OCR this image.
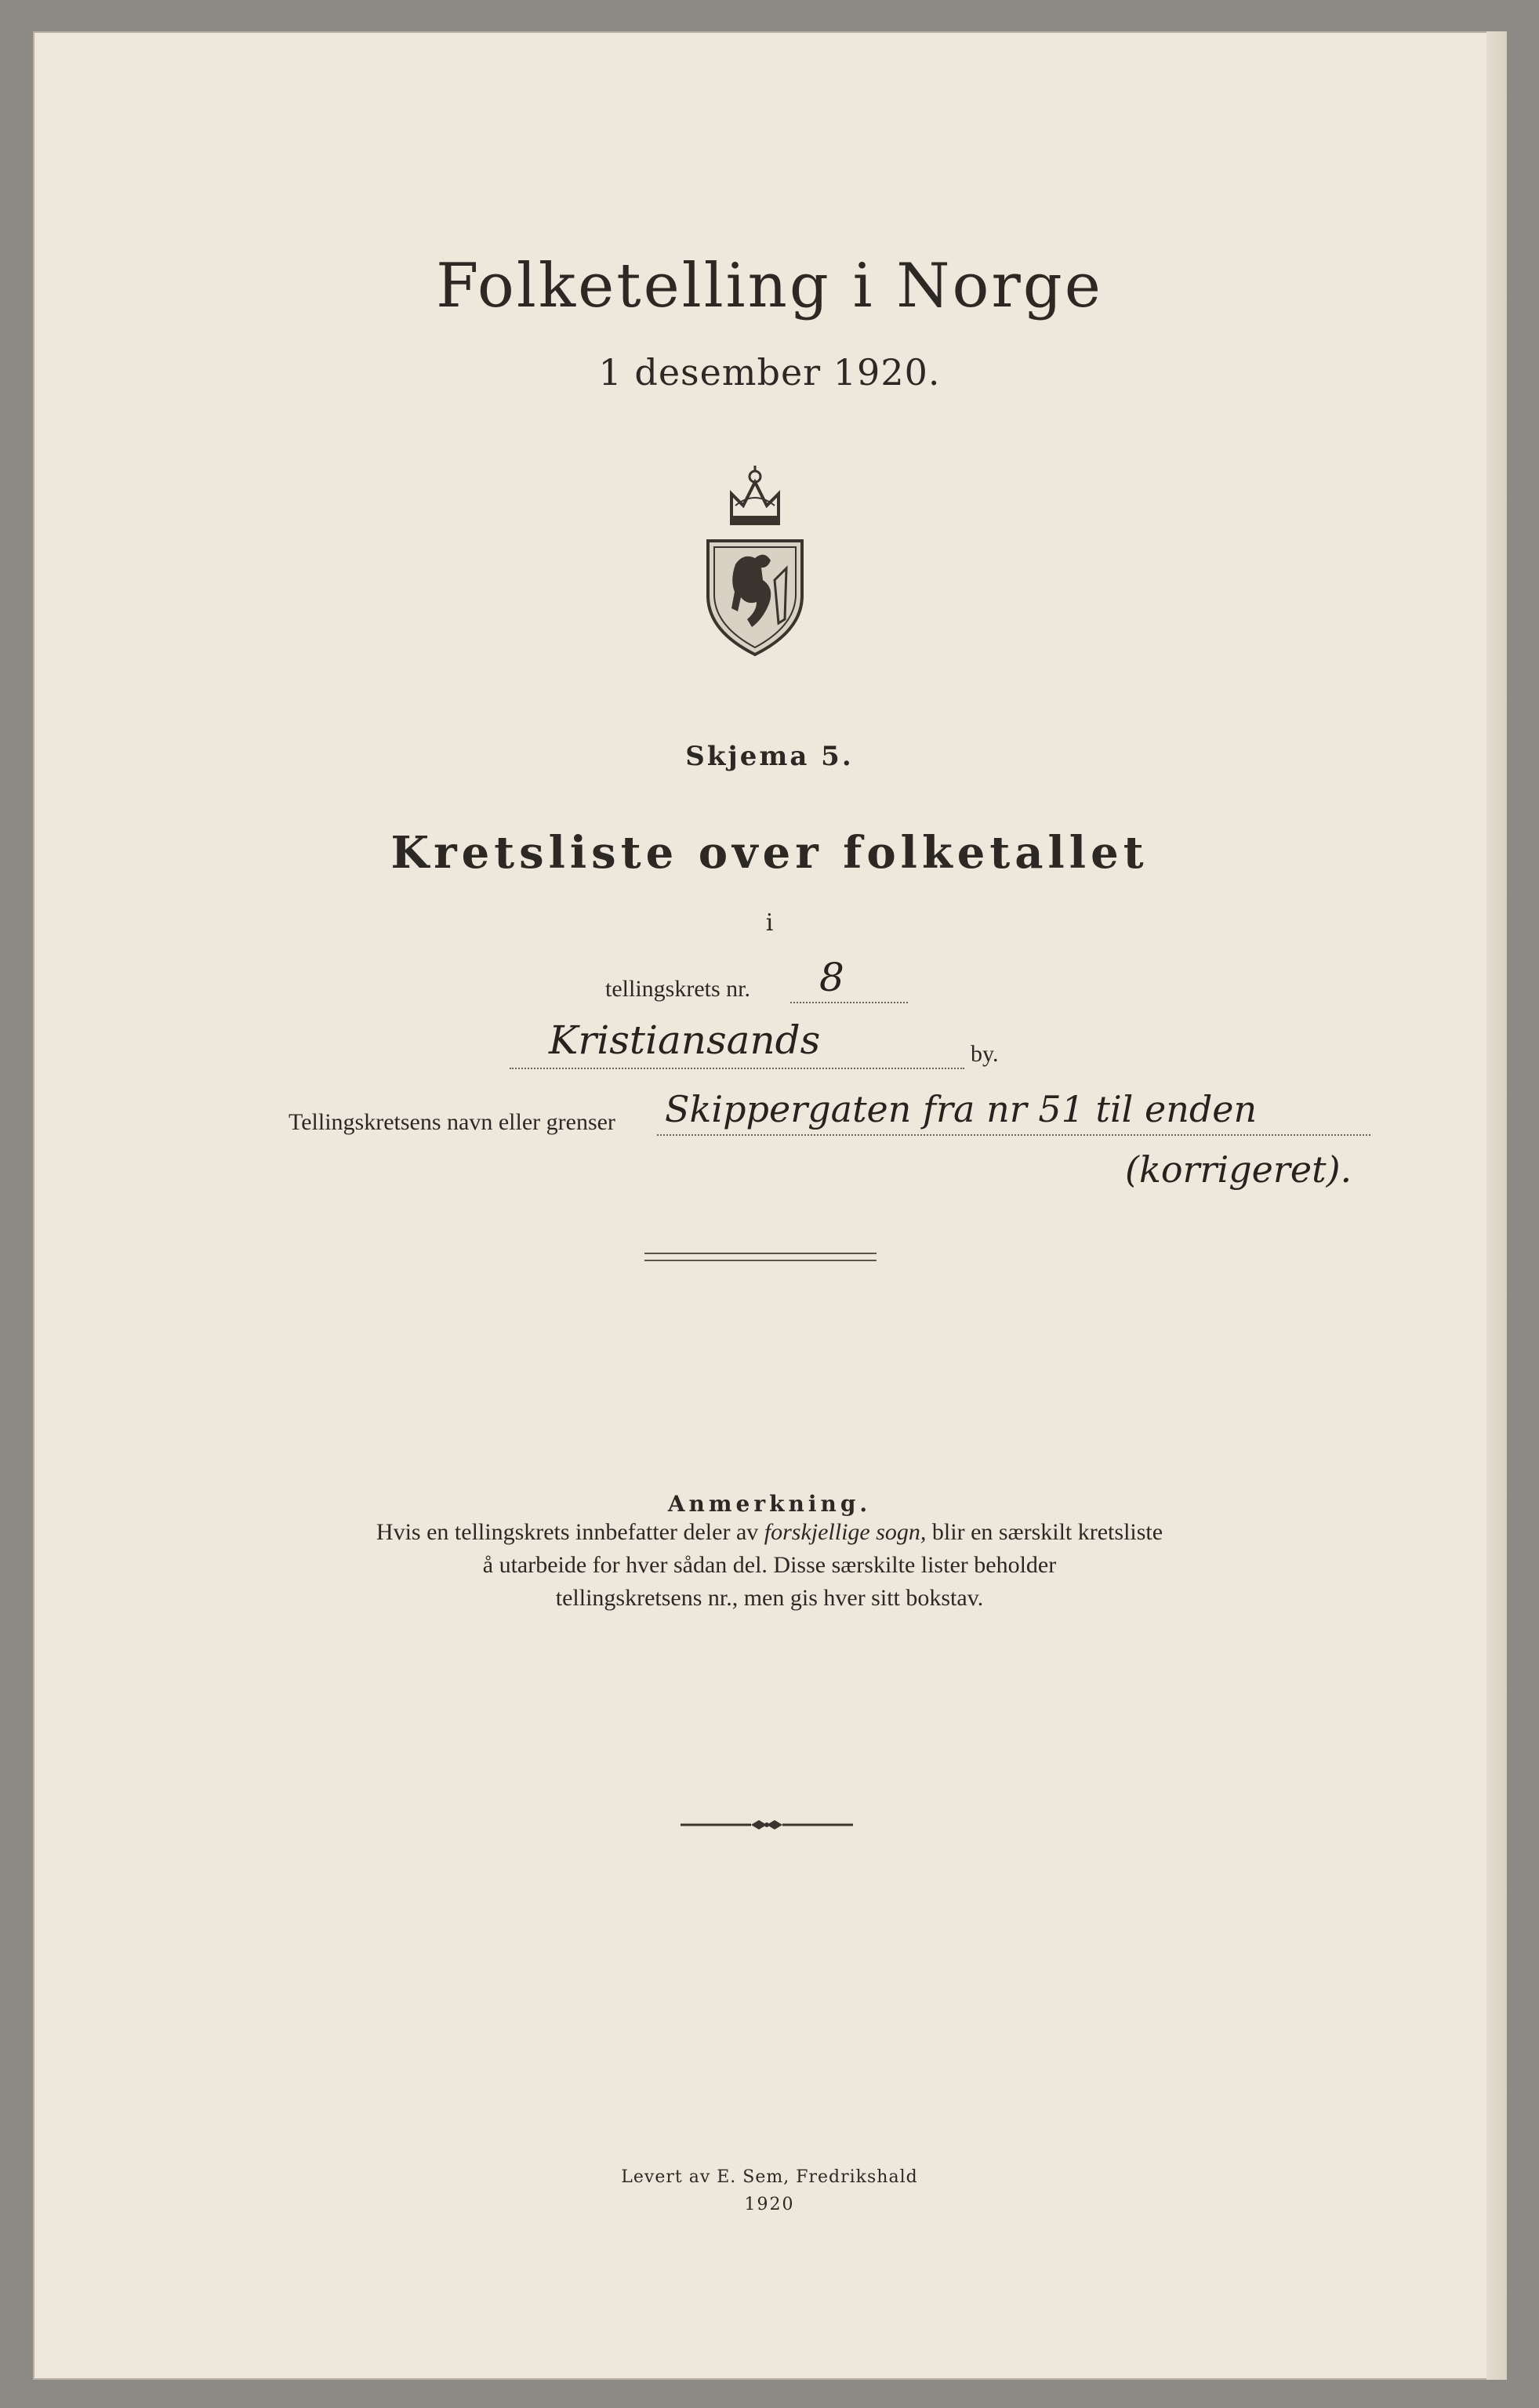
Folketelling i Norge
1 desember 1920.
Skjema 5.
Kretsliste over folketallet
i
tellingskrets nr. 8
Kristiansands	by.
Tellingskretsens navn eller grenser Skippergaten fra nr 51 til enden
(korrigeret).
Anmerkning.
Hvis en tellingskrets innbefatter deler av forskjellige sogn, blir en særskilt kretsliste
å utarbeide for hver sådan del. Disse særskilte lister beholder
tellingskretsens nr., men gis hver sitt bokstav.
Levert av E. Sem, Fredrikshald
1920
